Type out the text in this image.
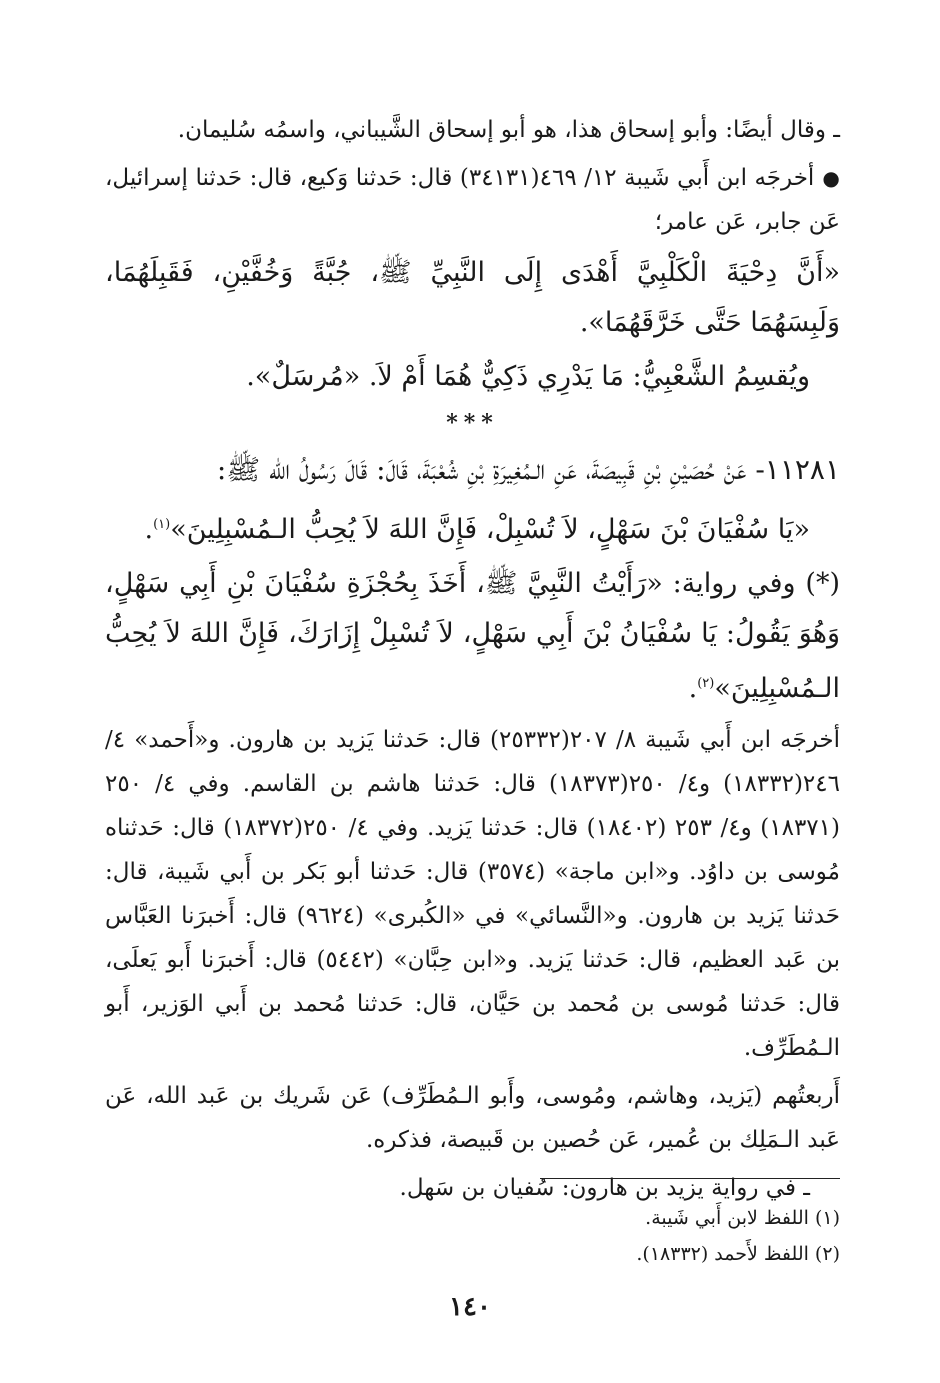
ـ وقال أيضًا: وأبو إسحاق هذا، هو أبو إسحاق الشَّيباني، واسمُه سُليمان.

●أخرجَه ابن أَبي شَيبة ١٢/ ٤٦٩(٣٤١٣١) قال: حَدثنا وَكيع، قال: حَدثنا إسرائيل، عَن جابر، عَن عامر؛

«أَنَّ دِحْيَةَ الْكَلْبِيَّ أَهْدَى إِلَى النَّبِيِّ ﷺ، جُبَّةً وَخُفَّيْنِ، فَقَبِلَهُمَا، وَلَبِسَهُمَا حَتَّى خَرَّقَهُمَا».

ويُقسِمُ الشَّعْبِيُّ: مَا يَدْرِي ذَكِيٌّ هُمَا أَمْ لاَ. «مُرسَلٌ».

***

١١٢٨١- عَنْ حُصَيْنِ بْنِ قَبِيصَةَ، عَنِ الـمُغِيرَةِ بْنِ شُعْبَةَ، قَالَ: قَالَ رَسُولُ الله ﷺ:

«يَا سُفْيَانَ بْنَ سَهْلٍ، لاَ تُسْبِلْ، فَإِنَّ اللهَ لاَ يُحِبُّ الـمُسْبِلِينَ»$^{(١)}$.

(*) وفي رواية: «رَأَيْتُ النَّبِيَّ ﷺ، أَخَذَ بِحُجْزَةِ سُفْيَانَ بْنِ أَبِي سَهْلٍ، وَهُوَ يَقُولُ: يَا سُفْيَانُ بْنَ أَبِي سَهْلٍ، لاَ تُسْبِلْ إِزَارَكَ، فَإِنَّ اللهَ لاَ يُحِبُّ الـمُسْبِلِينَ»$^{(٢)}$.

أخرجَه ابن أَبي شَيبة ٨/ ٢٠٧(٢٥٣٣٢) قال: حَدثنا يَزيد بن هارون. و«أَحمد» ٤/ ٢٤٦(١٨٣٣٢) و٤/ ٢٥٠(١٨٣٧٣) قال: حَدثنا هاشم بن القاسم. وفي ٤/ ٢٥٠ (١٨٣٧١) و٤/ ٢٥٣ (١٨٤٠٢) قال: حَدثنا يَزيد. وفي ٤/ ٢٥٠(١٨٣٧٢) قال: حَدثناه مُوسى بن داوُد. و«ابن ماجة» (٣٥٧٤) قال: حَدثنا أبو بَكر بن أَبي شَيبة، قال: حَدثنا يَزيد بن هارون. و«النَّسائي» في «الكُبرى» (٩٦٢٤) قال: أَخبرَنا العَبَّاس بن عَبد العظيم، قال: حَدثنا يَزيد. و«ابن حِبَّان» (٥٤٤٢) قال: أَخبرَنا أَبو يَعلَى، قال: حَدثنا مُوسى بن مُحمد بن حَيَّان، قال: حَدثنا مُحمد بن أَبي الوَزير، أَبو الـمُطَرِّف.

أَربعتُهم (يَزيد، وهاشم، ومُوسى، وأَبو الـمُطَرِّف) عَن شَريك بن عَبد الله، عَن عَبد الـمَلِك بن عُمير، عَن حُصين بن قَبيصة، فذكره.

ـ في رواية يزيد بن هارون: سُفيان بن سَهل.

(١) اللفظ لابن أَبي شَيبة.

(٢) اللفظ لأَحمد (١٨٣٣٢).

١٤٠
